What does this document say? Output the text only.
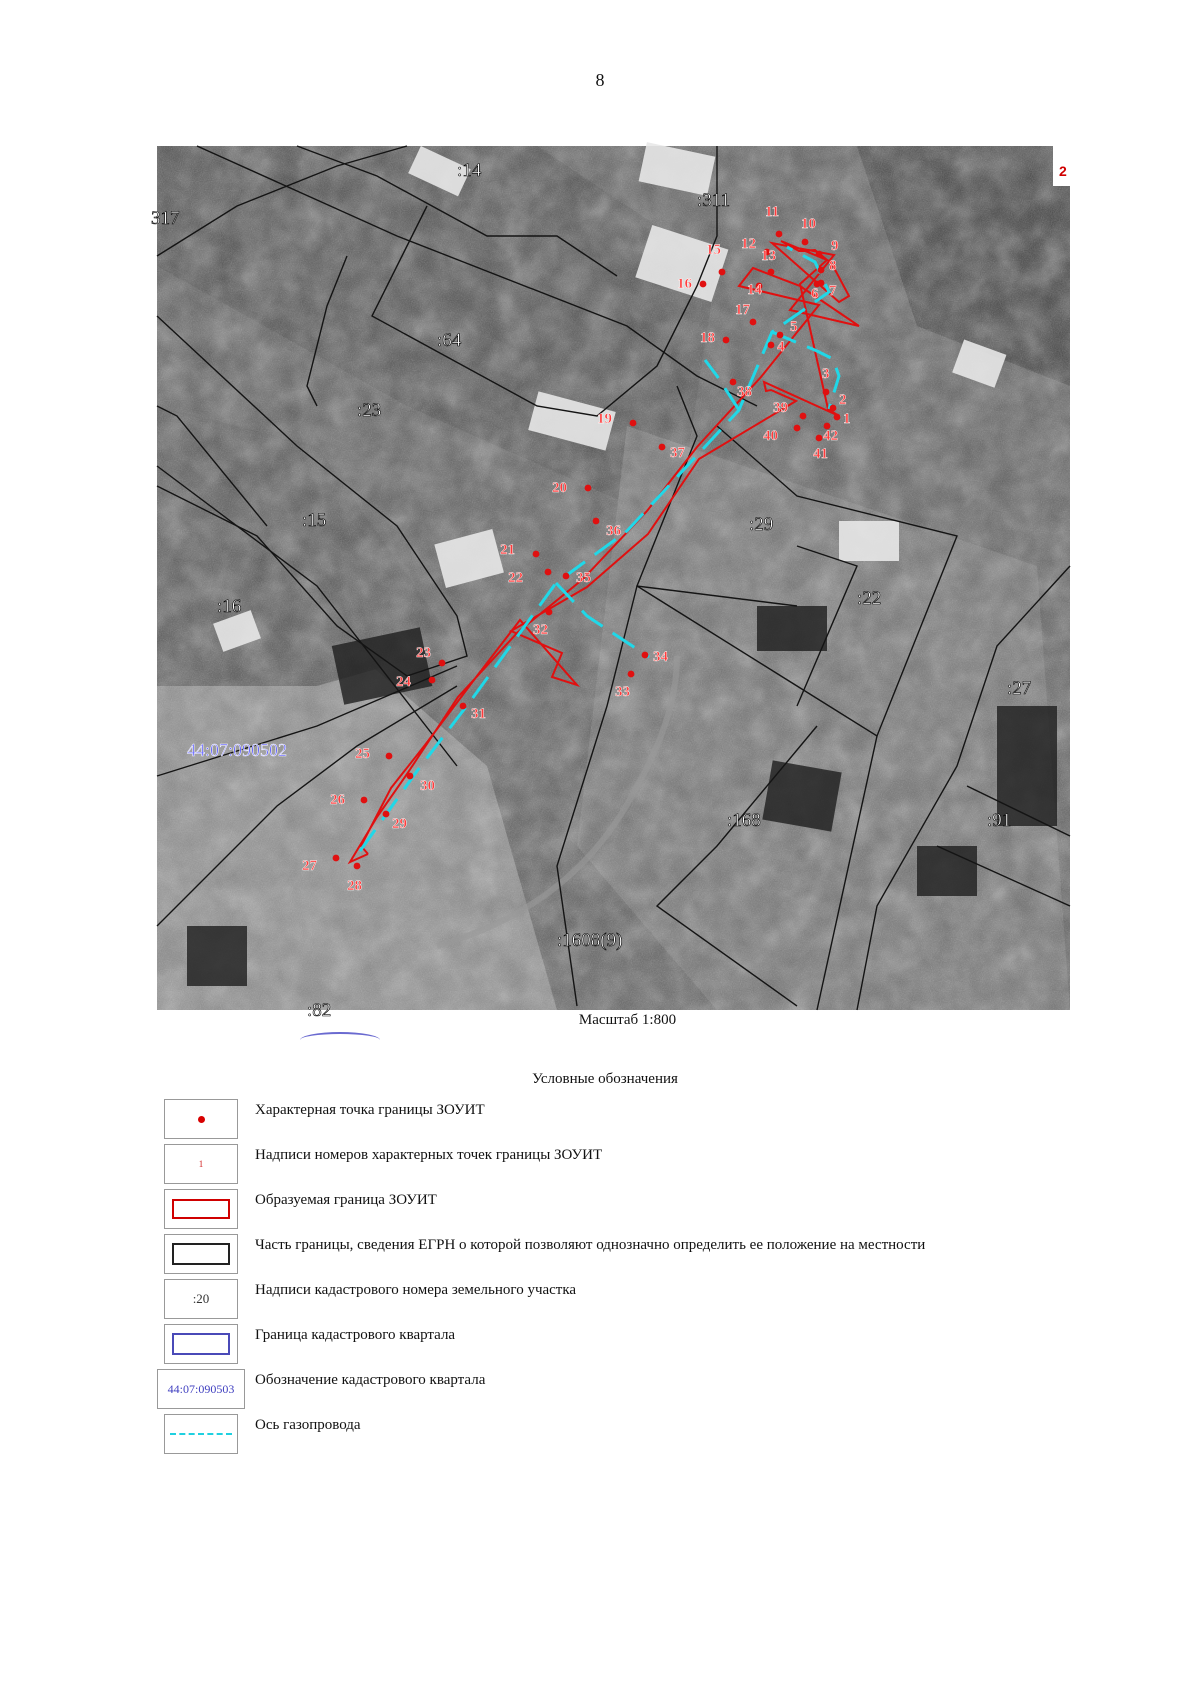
8
1
2
3
4
5
6 7
8
9
10
11
12
13
14
15
16
17
18
19
20
21
22
23
24
25
26
27
28
29
30
31
32
33
34
35
36
37
38
39
40
41
42
:14
:311
317
:64
:23
:15
:16
:29
:22
:27
:91
:168
:1608(9)
:82
44:07:090502
2
Масштаб 1:800
Условные обозначения
Характерная точка границы ЗОУИТ
1
Надписи номеров характерных точек границы ЗОУИТ
Образуемая граница ЗОУИТ
Часть границы, сведения ЕГРН о которой позволяют однозначно определить ее положение на местности
:20
Надписи кадастрового номера земельного участка
Граница кадастрового квартала
44:07:090503
Обозначение кадастрового квартала
Ось газопровода
